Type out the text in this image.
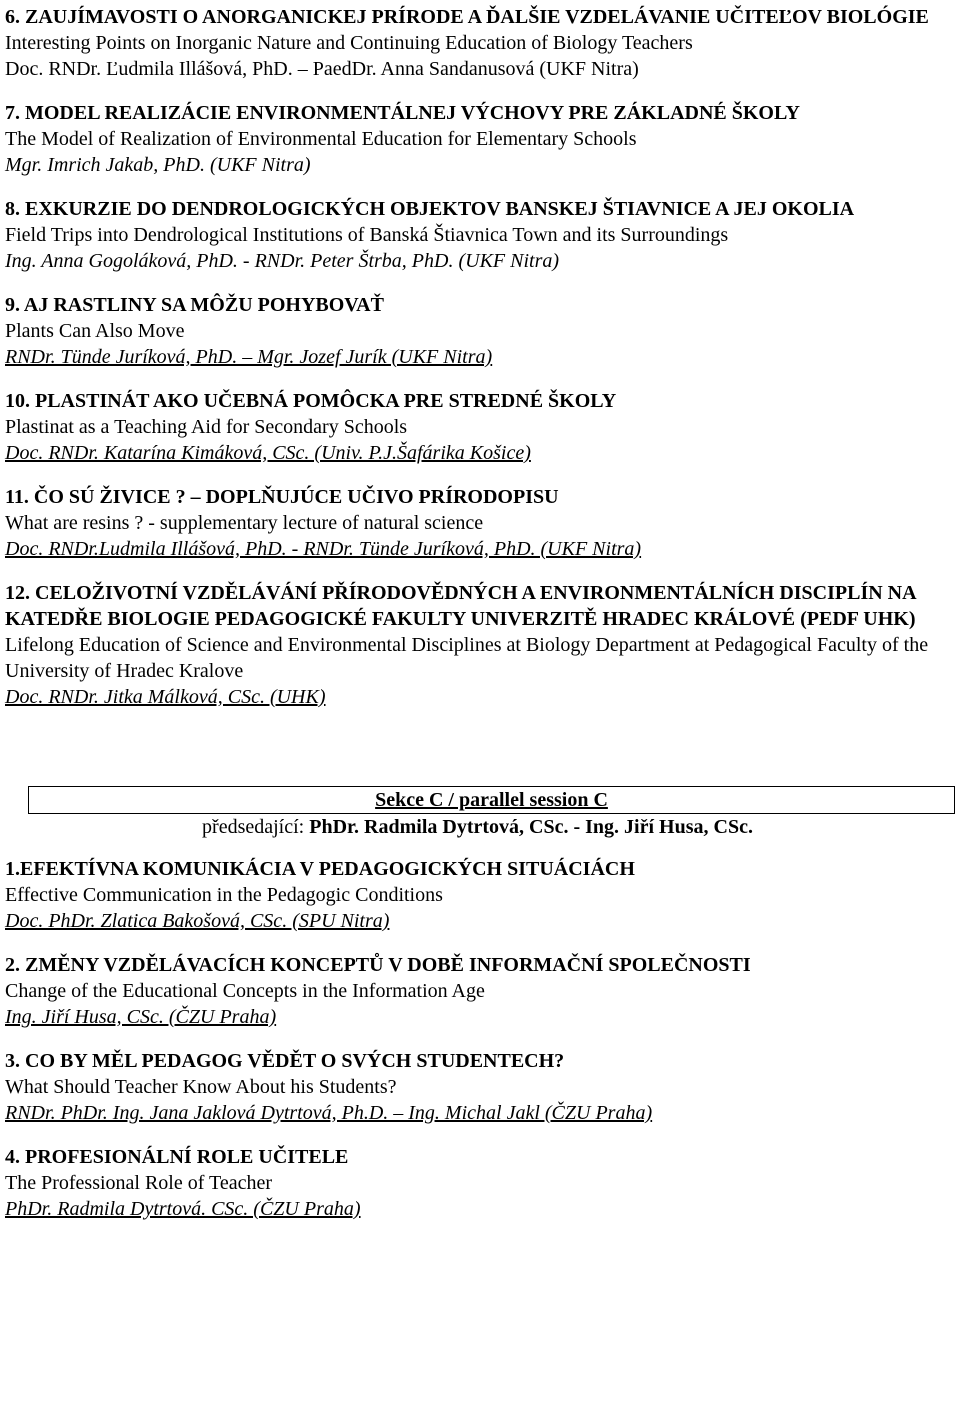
6. ZAUJÍMAVOSTI O ANORGANICKEJ PRÍRODE A ĎALŠIE VZDELÁVANIE UČITEĽOV BIOLÓGIE
Interesting Points on Inorganic Nature and Continuing Education of Biology Teachers
Doc. RNDr. Ľudmila Illášová, PhD. – PaedDr. Anna Sandanusová (UKF Nitra)
7. MODEL REALIZÁCIE ENVIRONMENTÁLNEJ VÝCHOVY PRE ZÁKLADNÉ ŠKOLY
The Model of Realization of Environmental Education for Elementary Schools
Mgr. Imrich Jakab, PhD. (UKF Nitra)
8. EXKURZIE DO DENDROLOGICKÝCH OBJEKTOV BANSKEJ ŠTIAVNICE A JEJ OKOLIA
Field Trips into Dendrological Institutions of Banská Štiavnica Town and its Surroundings
Ing. Anna Gogoláková, PhD. - RNDr. Peter Štrba, PhD. (UKF Nitra)
9. AJ RASTLINY SA MÔŽU POHYBOVAŤ
Plants Can Also Move
RNDr. Tünde Juríková, PhD. – Mgr. Jozef Jurík (UKF Nitra)
10. PLASTINÁT AKO UČEBNÁ POMÔCKA PRE STREDNÉ ŠKOLY
Plastinat as a Teaching Aid for Secondary Schools
Doc. RNDr. Katarína Kimáková, CSc. (Univ. P.J.Šafárika Košice)
11. ČO SÚ ŽIVICE ? – DOPLŇUJÚCE UČIVO PRÍRODOPISU
What are resins ? - supplementary lecture of natural science
Doc. RNDr.Ludmila Illášová, PhD. - RNDr. Tünde Juríková, PhD. (UKF Nitra)
12. CELOŽIVOTNÍ VZDĚLÁVÁNÍ PŘÍRODOVĚDNÝCH A ENVIRONMENTÁLNÍCH DISCIPLÍN NA KATEDŘE BIOLOGIE PEDAGOGICKÉ FAKULTY UNIVERZITĚ HRADEC KRÁLOVÉ (PEDF UHK)
Lifelong Education of Science and Environmental Disciplines at Biology Department at Pedagogical Faculty of the University of Hradec Kralove
Doc. RNDr. Jitka Málková, CSc. (UHK)
Sekce C / parallel session C
předsedající: PhDr. Radmila Dytrtová, CSc. - Ing. Jiří Husa, CSc.
1.EFEKTÍVNA KOMUNIKÁCIA V PEDAGOGICKÝCH SITUÁCIÁCH
Effective Communication in the Pedagogic Conditions
Doc. PhDr. Zlatica Bakošová, CSc. (SPU Nitra)
2. ZMĚNY VZDĚLÁVACÍCH KONCEPTŮ V DOBĚ INFORMAČNÍ SPOLEČNOSTI
Change of the Educational Concepts in the Information Age
Ing. Jiří Husa, CSc. (ČZU Praha)
3. CO BY MĚL PEDAGOG VĚDĚT O SVÝCH STUDENTECH?
What Should Teacher Know About his Students?
RNDr. PhDr. Ing. Jana Jaklová Dytrtová, Ph.D. – Ing. Michal Jakl (ČZU Praha)
4. PROFESIONÁLNÍ ROLE UČITELE
The Professional Role of Teacher
PhDr. Radmila Dytrtová. CSc. (ČZU Praha)
